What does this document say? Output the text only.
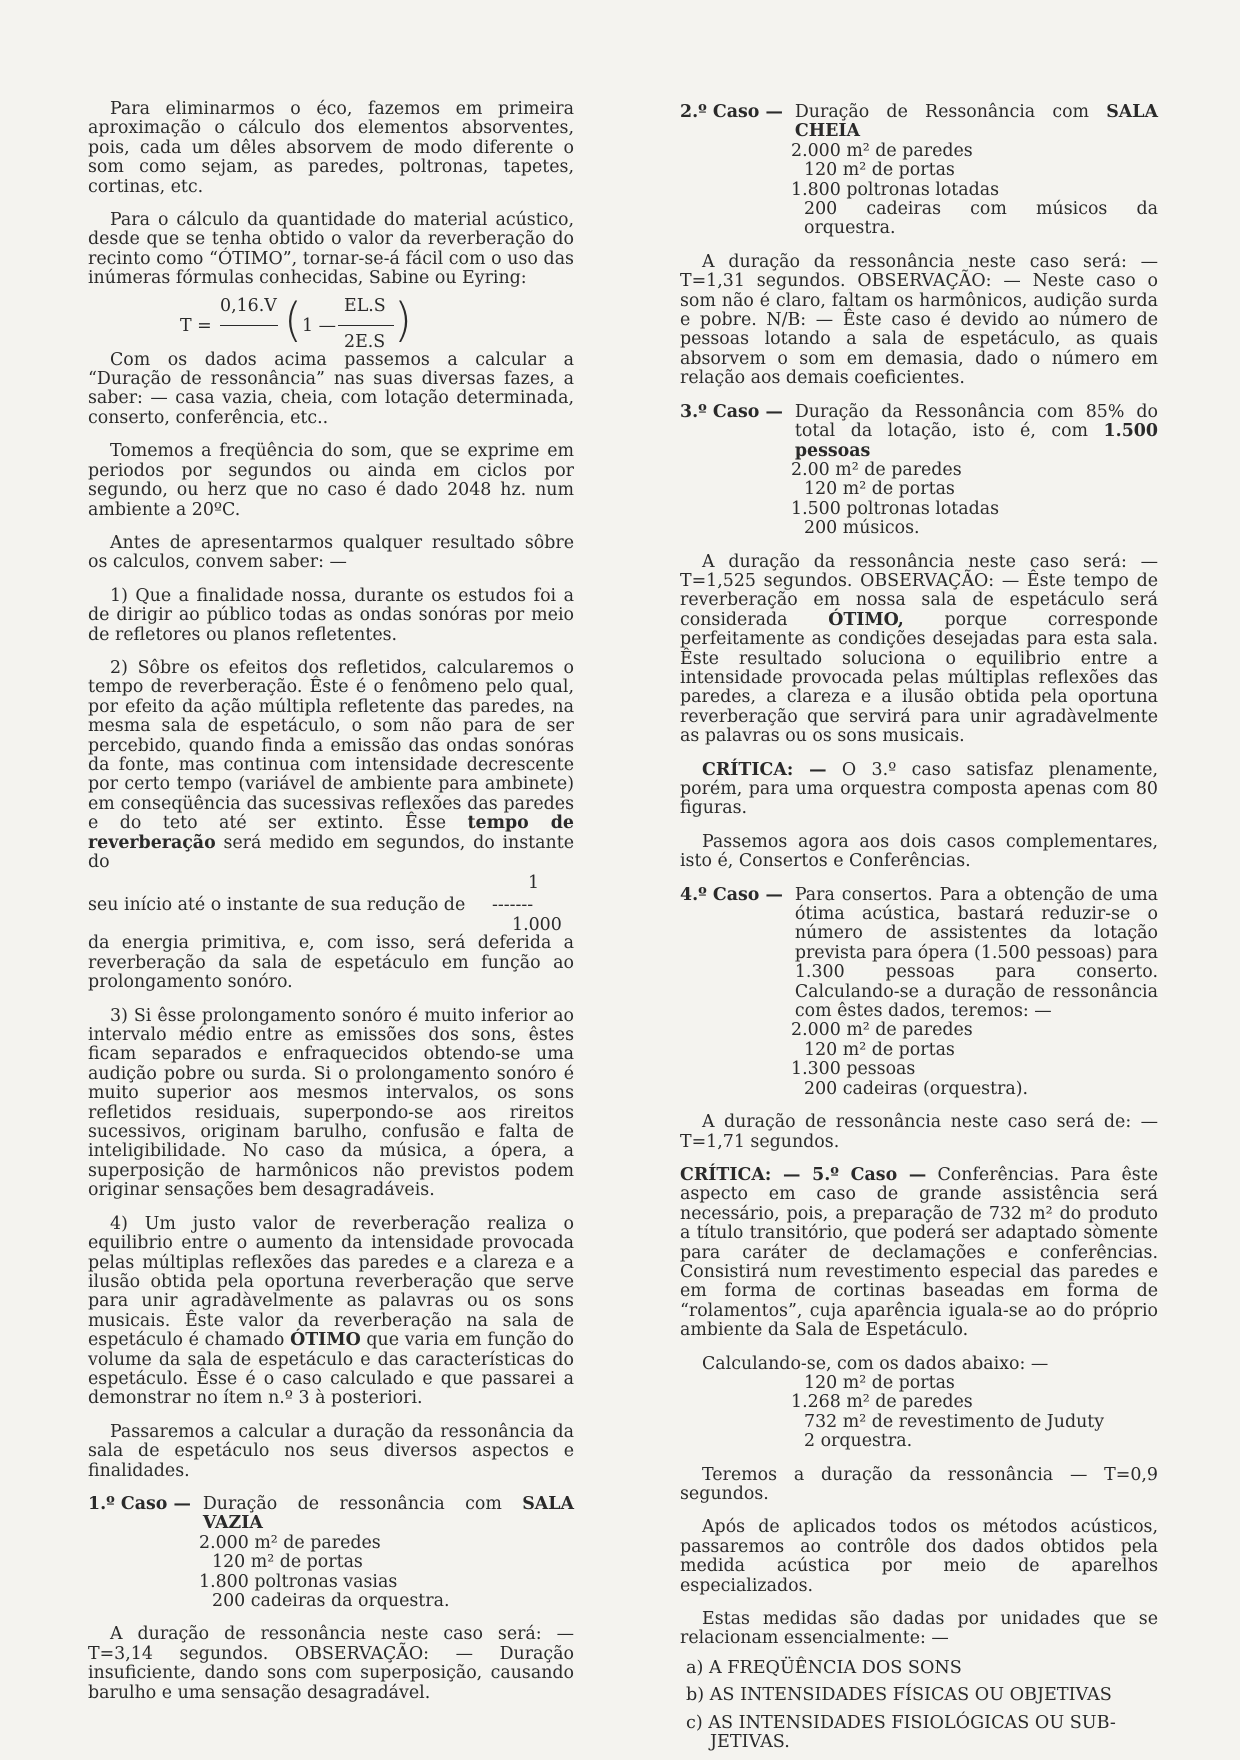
Para eliminarmos o éco, fazemos em primeira aproximação o cálculo dos elementos absorventes, pois, cada um dêles absorvem de modo diferente o som como sejam, as paredes, poltronas, tapetes, cortinas, etc.

Para o cálculo da quantidade do material acústico, desde que se tenha obtido o valor da reverberação do recinto como “ÓTIMO”, tornar-se-á fácil com o uso das inúmeras fórmulas conhecidas, Sabine ou Eyring:

T =
0,16.V ( 1 —
EL.S
2E.S )

Com os dados acima passemos a calcular a “Duração de ressonância” nas suas diversas fazes, a saber: — casa vazia, cheia, com lotação determinada, conserto, conferência, etc..

Tomemos a freqüência do som, que se exprime em periodos por segundos ou ainda em ciclos por segundo, ou herz que no caso é dado 2048 hz. num ambiente a 20ºC.

Antes de apresentarmos qualquer resultado sôbre os calculos, convem saber: —

1) Que a finalidade nossa, durante os estudos foi a de dirigir ao público todas as ondas sonóras por meio de refletores ou planos refletentes.

2) Sôbre os efeitos dos refletidos, calcularemos o tempo de reverberação. Êste é o fenômeno pelo qual, por efeito da ação múltipla refletente das paredes, na mesma sala de espetáculo, o som não para de ser percebido, quando finda a emissão das ondas sonóras da fonte, mas continua com intensidade decrescente por certo tempo (variável de ambiente para ambinete) em conseqüência das sucessivas reflexões das paredes e do teto até ser extinto. Êsse tempo de reverberação será medido em segundos, do instante do

seu início até o instante de sua redução de -------
1
1.000

da energia primitiva, e, com isso, será deferida a reverberação da sala de espetáculo em função ao prolongamento sonóro.

3) Si êsse prolongamento sonóro é muito inferior ao intervalo médio entre as emissões dos sons, êstes ficam separados e enfraquecidos obtendo-se uma audição pobre ou surda. Si o prolongamento sonóro é muito superior aos mesmos intervalos, os sons refletidos residuais, superpondo-se aos rireitos sucessivos, originam barulho, confusão e falta de inteligibilidade. No caso da música, a ópera, a superposição de harmônicos não previstos podem originar sensações bem desagradáveis.

4) Um justo valor de reverberação realiza o equilibrio entre o aumento da intensidade provocada pelas múltiplas reflexões das paredes e a clareza e a ilusão obtida pela oportuna reverberação que serve para unir agradàvelmente as palavras ou os sons musicais. Êste valor da reverberação na sala de espetáculo é chamado ÓTIMO que varia em função do volume da sala de espetáculo e das características do espetáculo. Êsse é o caso calculado e que passarei a demonstrar no ítem n.º 3 à posteriori.

Passaremos a calcular a duração da ressonância da sala de espetáculo nos seus diversos aspectos e finalidades.

1.º Caso — Duração de ressonância com SALA VAZIA
2.000 m² de paredes
120 m² de portas
1.800 poltronas vasias
200 cadeiras da orquestra.

A duração de ressonância neste caso será: — T=3,14 segundos. OBSERVAÇÃO: — Duração insuficiente, dando sons com superposição, causando barulho e uma sensação desagradável.

2.º Caso — Duração de Ressonância com SALA CHEIA
2.000 m² de paredes
120 m² de portas
1.800 poltronas lotadas
200 cadeiras com músicos da orquestra.

A duração da ressonância neste caso será: — T=1,31 segundos. OBSERVAÇÃO: — Neste caso o som não é claro, faltam os harmônicos, audição surda e pobre. N/B: — Êste caso é devido ao número de pessoas lotando a sala de espetáculo, as quais absorvem o som em demasia, dado o número em relação aos demais coeficientes.

3.º Caso — Duração da Ressonância com 85% do total da lotação, isto é, com 1.500 pessoas
2.00 m² de paredes
120 m² de portas
1.500 poltronas lotadas
200 músicos.

A duração da ressonância neste caso será: — T=1,525 segundos. OBSERVAÇÃO: — Êste tempo de reverberação em nossa sala de espetáculo será considerada ÓTIMO, porque corresponde perfeitamente as condições desejadas para esta sala. Êste resultado soluciona o equilibrio entre a intensidade provocada pelas múltiplas reflexões das paredes, a clareza e a ilusão obtida pela oportuna reverberação que servirá para unir agradàvelmente as palavras ou os sons musicais.

CRÍTICA: — O 3.º caso satisfaz plenamente, porém, para uma orquestra composta apenas com 80 figuras.

Passemos agora aos dois casos complementares, isto é, Consertos e Conferências.

4.º Caso — Para consertos. Para a obtenção de uma ótima acústica, bastará reduzir-se o número de assistentes da lotação prevista para ópera (1.500 pessoas) para 1.300 pessoas para conserto. Calculando-se a duração de ressonância com êstes dados, teremos: —
2.000 m² de paredes
120 m² de portas
1.300 pessoas
200 cadeiras (orquestra).

A duração de ressonância neste caso será de: — T=1,71 segundos.

CRÍTICA: — 5.º Caso — Conferências. Para êste aspecto em caso de grande assistência será necessário, pois, a preparação de 732 m² do produto a título transitório, que poderá ser adaptado sòmente para caráter de declamações e conferências. Consistirá num revestimento especial das paredes e em forma de cortinas baseadas em forma de “rolamentos”, cuja aparência iguala-se ao do próprio ambiente da Sala de Espetáculo.

Calculando-se, com os dados abaixo: —

120 m² de portas
1.268 m² de paredes
732 m² de revestimento de Juduty
2 orquestra.

Teremos a duração da ressonância — T=0,9 segundos.

Após de aplicados todos os métodos acústicos, passaremos ao contrôle dos dados obtidos pela medida acústica por meio de aparelhos especializados.

Estas medidas são dadas por unidades que se relacionam essencialmente: —

a) A FREQÜÊNCIA DOS SONS
b) AS INTENSIDADES FÍSICAS OU OBJETIVAS
c) AS INTENSIDADES FISIOLÓGICAS OU SUB-
JETIVAS.
